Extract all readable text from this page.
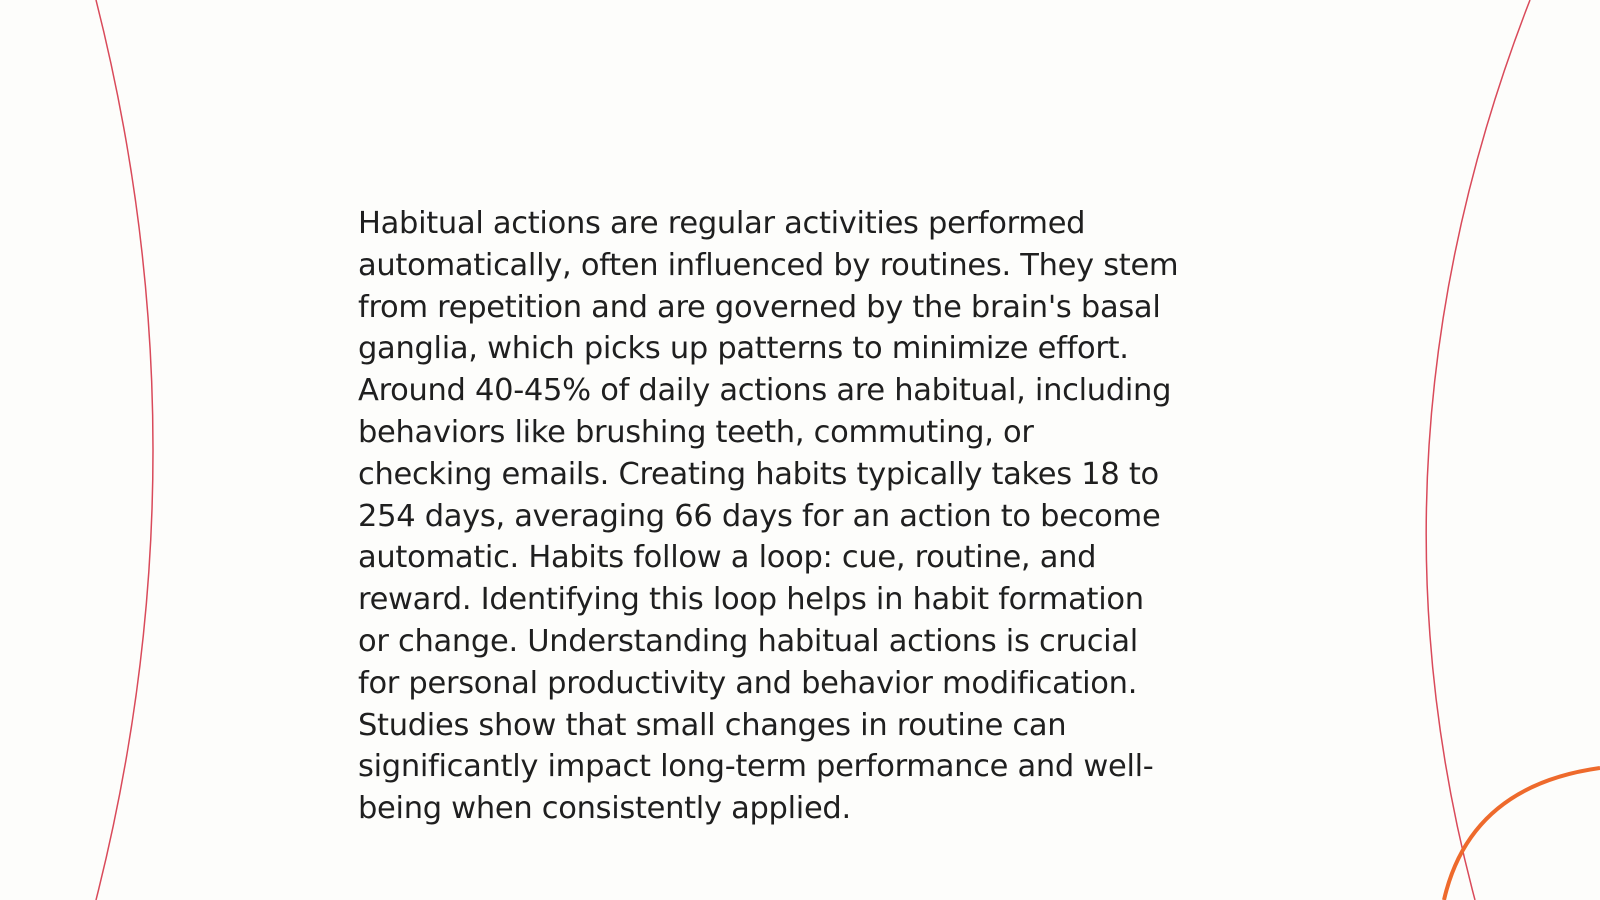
Habitual actions are regular activities performed
automatically, often influenced by routines. They stem
from repetition and are governed by the brain's basal
ganglia, which picks up patterns to minimize effort.
Around 40-45% of daily actions are habitual, including
behaviors like brushing teeth, commuting, or
checking emails. Creating habits typically takes 18 to
254 days, averaging 66 days for an action to become
automatic. Habits follow a loop: cue, routine, and
reward. Identifying this loop helps in habit formation
or change. Understanding habitual actions is crucial
for personal productivity and behavior modification.
Studies show that small changes in routine can
significantly impact long-term performance and well-
being when consistently applied.
